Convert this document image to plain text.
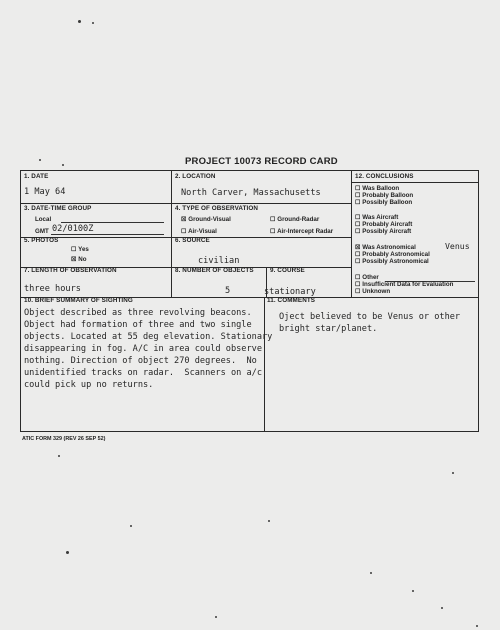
PROJECT 10073 RECORD CARD
1. DATE
1 May 64
2. LOCATION
North Carver, Massachusetts
3. DATE-TIME GROUP
Local
GMT 02/0100Z
4. TYPE OF OBSERVATION
☒ Ground-Visual	☐ Ground-Radar
☐ Air-Visual	☐ Air-Intercept Radar
5. PHOTOS
☐ Yes
☒ No
6. SOURCE
civilian
7. LENGTH OF OBSERVATION
three hours
8. NUMBER OF OBJECTS
5
9. COURSE
stationary
10. BRIEF SUMMARY OF SIGHTING
Object described as three revolving beacons.
Object had formation of three and two single
objects. Located at 55 deg elevation. Stationary
disappearing in fog. A/C in area could observe
nothing. Direction of object 270 degrees.  No
unidentified tracks on radar.  Scanners on a/c
could pick up no returns.
11. COMMENTS
Oject believed to be Venus or other
bright star/planet.
12. CONCLUSIONS
☐ Was Balloon
☐ Probably Balloon
☐ Possibly Balloon
☐ Was Aircraft
☐ Probably Aircraft
☐ Possibly Aircraft
☒ Was Astronomical	Venus
☐ Probably Astronomical
☐ Possibly Astronomical
☐ Other
☐ Insufficient Data for Evaluation
☐ Unknown
ATIC FORM 329 (REV 26 SEP 52)
